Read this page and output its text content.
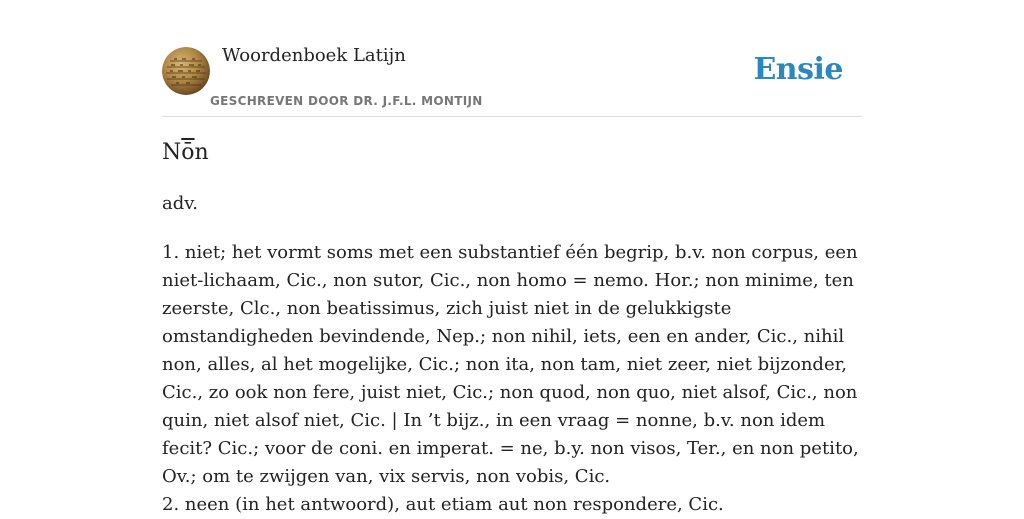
Woordenboek Latijn
GESCHREVEN DOOR DR. J.F.L. MONTIJN
Ensie
Nōn
adv.

1. niet; het vormt soms met een substantief één begrip, b.v. non corpus, een niet-lichaam, Cic., non sutor, Cic., non homo = nemo. Hor.; non minime, ten zeerste, Clc., non beatissimus, zich juist niet in de gelukkigste omstandigheden bevindende, Nep.; non nihil, iets, een en ander, Cic., nihil non, alles, al het mogelijke, Cic.; non ita, non tam, niet zeer, niet bijzonder, Cic., zo ook non fere, juist niet, Cic.; non quod, non quo, niet alsof, Cic., non quin, niet alsof niet, Cic. | In ’t bijz., in een vraag = nonne, b.v. non idem fecit? Cic.; voor de coni. en imperat. = ne, b.y. non visos, Ter., en non petito, Ov.; om te zwijgen van, vix servis, non vobis, Cic.

2. neen (in het antwoord), aut etiam aut non respondere, Cic.
